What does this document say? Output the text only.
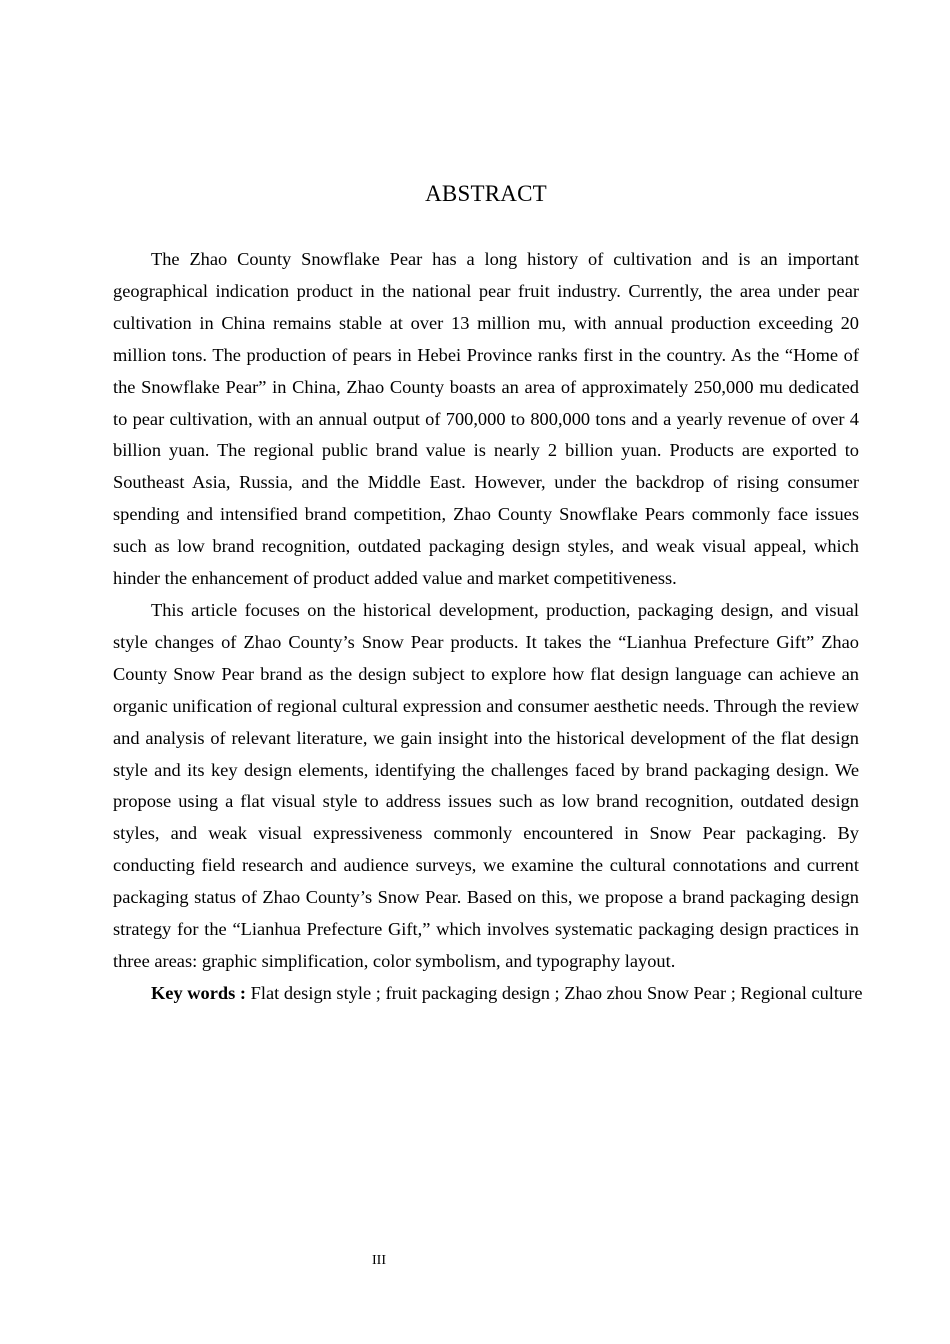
ABSTRACT

The Zhao County Snowflake Pear has a long history of cultivation and is an important geographical indication product in the national pear fruit industry. Currently, the area under pear cultivation in China remains stable at over 13 million mu, with annual production exceeding 20 million tons. The production of pears in Hebei Province ranks first in the country. As the “Home of the Snowflake Pear” in China, Zhao County boasts an area of approximately 250,000 mu dedicated to pear cultivation, with an annual output of 700,000 to 800,000 tons and a yearly revenue of over 4 billion yuan. The regional public brand value is nearly 2 billion yuan. Products are exported to Southeast Asia, Russia, and the Middle East. However, under the backdrop of rising consumer spending and intensified brand competition, Zhao County Snowflake Pears commonly face issues such as low brand recognition, outdated packaging design styles, and weak visual appeal, which hinder the enhancement of product added value and market competitiveness.

This article focuses on the historical development, production, packaging design, and visual style changes of Zhao County’s Snow Pear products. It takes the “Lianhua Prefecture Gift” Zhao County Snow Pear brand as the design subject to explore how flat design language can achieve an organic unification of regional cultural expression and consumer aesthetic needs. Through the review and analysis of relevant literature, we gain insight into the historical development of the flat design style and its key design elements, identifying the challenges faced by brand packaging design. We propose using a flat visual style to address issues such as low brand recognition, outdated design styles, and weak visual expressiveness commonly encountered in Snow Pear packaging. By conducting field research and audience surveys, we examine the cultural connotations and current packaging status of Zhao County’s Snow Pear. Based on this, we propose a brand packaging design strategy for the “Lianhua Prefecture Gift,” which involves systematic packaging design practices in three areas: graphic simplification, color symbolism, and typography layout.

Key words : Flat design style ; fruit packaging design ; Zhao zhou Snow Pear ; Regional culture

III
